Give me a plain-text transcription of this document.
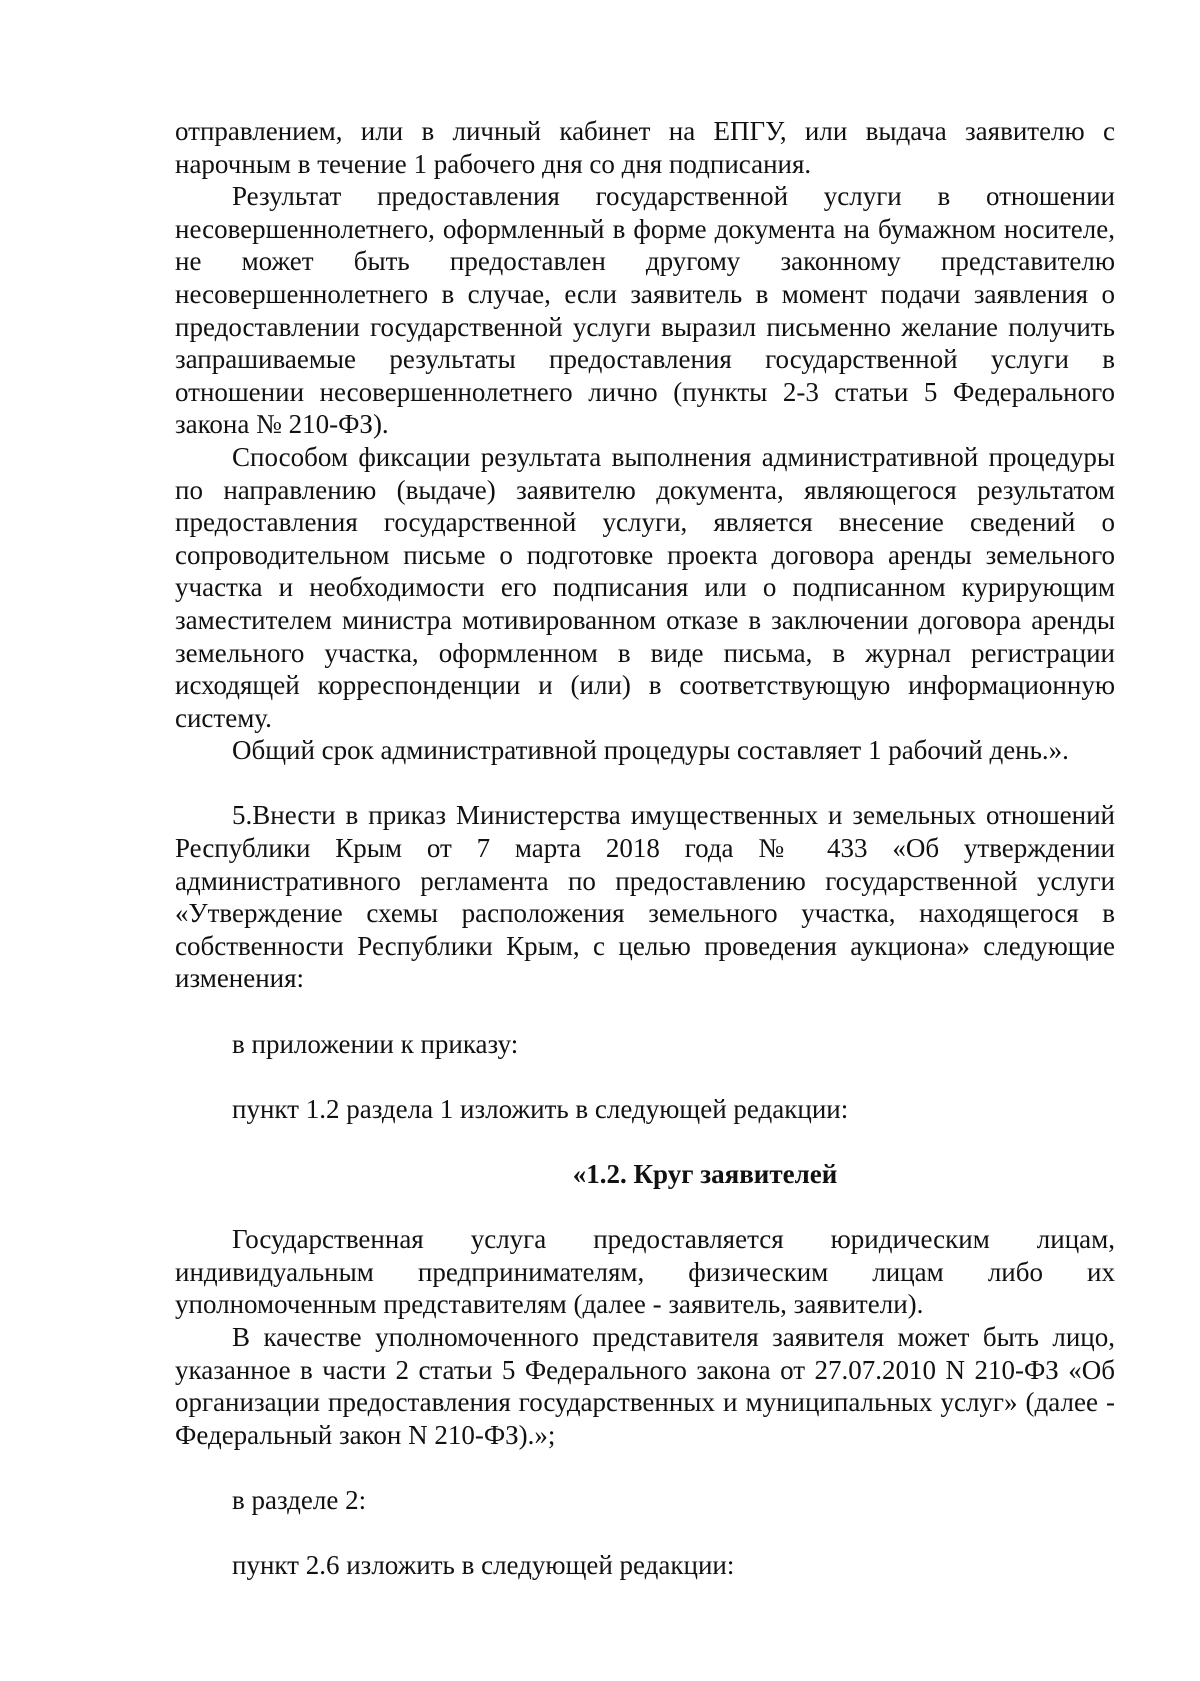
отправлением, или в личный кабинет на ЕПГУ, или выдача заявителю с нарочным в течение 1 рабочего дня со дня подписания.

Результат предоставления государственной услуги в отношении несовершеннолетнего, оформленный в форме документа на бумажном носителе, не может быть предоставлен другому законному представителю несовершеннолетнего в случае, если заявитель в момент подачи заявления о предоставлении государственной услуги выразил письменно желание получить запрашиваемые результаты предоставления государственной услуги в отношении несовершеннолетнего лично (пункты 2-3 статьи 5 Федерального закона № 210-ФЗ).

Способом фиксации результата выполнения административной процедуры по направлению (выдаче) заявителю документа, являющегося результатом предоставления государственной услуги, является внесение сведений о сопроводительном письме о подготовке проекта договора аренды земельного участка и необходимости его подписания или о подписанном курирующим заместителем министра мотивированном отказе в заключении договора аренды земельного участка, оформленном в виде письма, в журнал регистрации исходящей корреспонденции и (или) в соответствующую информационную систему.

Общий срок административной процедуры составляет 1 рабочий день.».

5.Внести в приказ Министерства имущественных и земельных отношений Республики Крым от 7 марта 2018 года № 433 «Об утверждении административного регламента по предоставлению государственной услуги «Утверждение схемы расположения земельного участка, находящегося в собственности Республики Крым, с целью проведения аукциона» следующие изменения:

в приложении к приказу:

пункт 1.2 раздела 1 изложить в следующей редакции:

«1.2. Круг заявителей

Государственная услуга предоставляется юридическим лицам, индивидуальным предпринимателям, физическим лицам либо их уполномоченным представителям (далее - заявитель, заявители).

В качестве уполномоченного представителя заявителя может быть лицо, указанное в части 2 статьи 5 Федерального закона от 27.07.2010 N 210-ФЗ «Об организации предоставления государственных и муниципальных услуг» (далее - Федеральный закон N 210-ФЗ).»;

в разделе 2:

пункт 2.6 изложить в следующей редакции:
